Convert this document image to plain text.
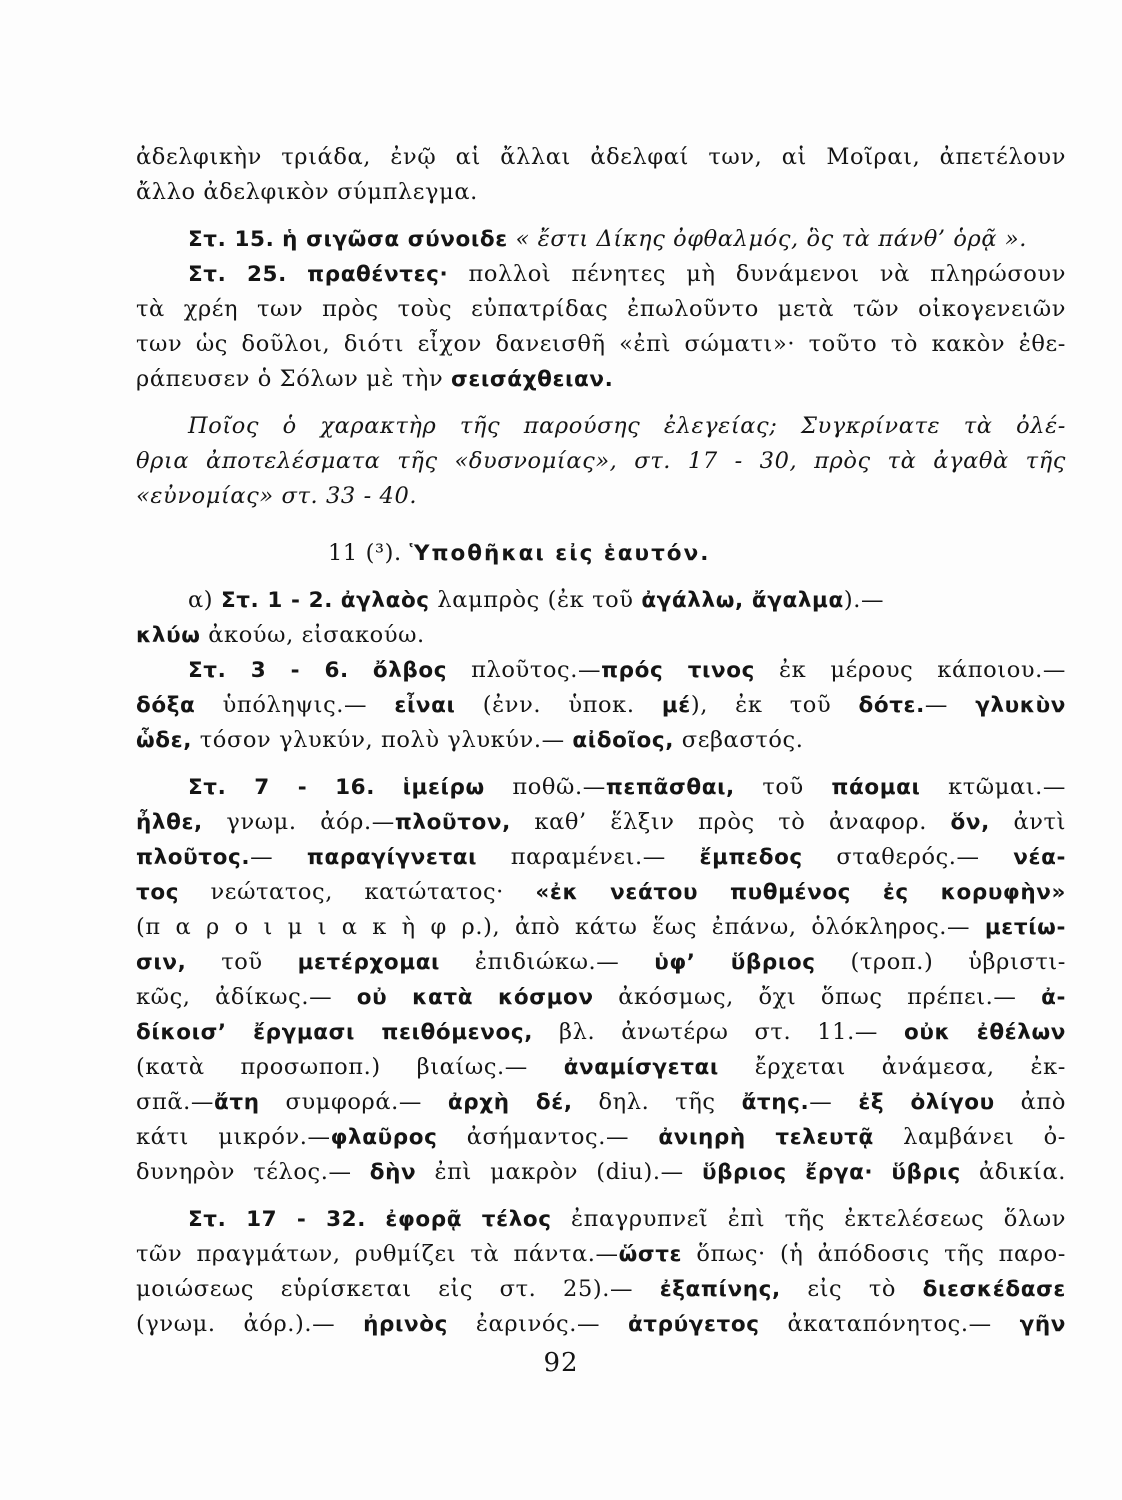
ἀδελφικὴν τριάδα, ἐνῷ αἱ ἄλλαι ἀδελφαί των, αἱ Μοῖραι, ἀπετέλουν
ἄλλο ἀδελφικὸν σύμπλεγμα.
Στ. 15. ἡ σιγῶσα σύνοιδε « ἔστι Δίκης ὀφθαλμός, ὃς τὰ πάνθ’ ὁρᾷ ».
Στ. 25. πραθέντες· πολλοὶ πένητες μὴ δυνάμενοι νὰ πληρώσουν
τὰ χρέη των πρὸς τοὺς εὐπατρίδας ἐπωλοῦντο μετὰ τῶν οἰκογενειῶν
των ὡς δοῦλοι, διότι εἶχον δανεισθῆ «ἐπὶ σώματι»· τοῦτο τὸ κακὸν ἐθε-
ράπευσεν ὁ Σόλων μὲ τὴν σεισάχθειαν.
Ποῖος ὁ χαρακτὴρ τῆς παρούσης ἐλεγείας; Συγκρίνατε τὰ ὀλέ-
θρια ἀποτελέσματα τῆς «δυσνομίας», στ. 17 - 30, πρὸς τὰ ἀγαθὰ τῆς
«εὐνομίας» στ. 33 - 40.
11 (³). Ὑποθῆκαι εἰς ἑαυτόν.
α) Στ. 1 - 2. ἀγλαὸς λαμπρὸς (ἐκ τοῦ ἀγάλλω, ἄγαλμα).—
κλύω ἀκούω, εἰσακούω.
Στ. 3 - 6. ὄλβος πλοῦτος.—πρός τινος ἐκ μέρους κάποιου.—
δόξα ὑπόληψις.— εἶναι (ἐνν. ὑποκ. μέ), ἐκ τοῦ δότε.— γλυκὺν
ὧδε, τόσον γλυκύν, πολὺ γλυκύν.— αἰδοῖος, σεβαστός.
Στ. 7 - 16. ἱμείρω ποθῶ.—πεπᾶσθαι, τοῦ πάομαι κτῶμαι.—
ἦλθε, γνωμ. ἀόρ.—πλοῦτον, καθ’ ἕλξιν πρὸς τὸ ἀναφορ. ὅν, ἀντὶ
πλοῦτος.— παραγίγνεται παραμένει.— ἔμπεδος σταθερός.— νέα-
τος νεώτατος, κατώτατος· «ἐκ νεάτου πυθμένος ἐς κορυφὴν»
(π α ρ ο ι μ ι α κ ὴ φ ρ.), ἀπὸ κάτω ἕως ἐπάνω, ὁλόκληρος.— μετίω-
σιν, τοῦ μετέρχομαι ἐπιδιώκω.— ὑφ’ ὕβριος (τροπ.) ὑβριστι-
κῶς, ἀδίκως.— οὐ κατὰ κόσμον ἀκόσμως, ὄχι ὅπως πρέπει.— ἀ-
δίκοισ’ ἔργμασι πειθόμενος, βλ. ἀνωτέρω στ. 11.— οὐκ ἐθέλων
(κατὰ προσωποπ.) βιαίως.— ἀναμίσγεται ἔρχεται ἀνάμεσα, ἐκ-
σπᾶ.—ἄτη συμφορά.— ἀρχὴ δέ, δηλ. τῆς ἄτης.— ἐξ ὀλίγου ἀπὸ
κάτι μικρόν.—φλαῦρος ἀσήμαντος.— ἀνιηρὴ τελευτᾷ λαμβάνει ὀ-
δυνηρὸν τέλος.— δὴν ἐπὶ μακρὸν (diu).— ὕβριος ἔργα· ὕβρις ἀδικία.
Στ. 17 - 32. ἐφορᾷ τέλος ἐπαγρυπνεῖ ἐπὶ τῆς ἐκτελέσεως ὅλων
τῶν πραγμάτων, ρυθμίζει τὰ πάντα.—ὥστε ὅπως· (ἡ ἀπόδοσις τῆς παρο-
μοιώσεως εὑρίσκεται εἰς στ. 25).— ἐξαπίνης, εἰς τὸ διεσκέδασε
(γνωμ. ἀόρ.).— ἠρινὸς ἐαρινός.— ἀτρύγετος ἀκαταπόνητος.— γῆν
92
